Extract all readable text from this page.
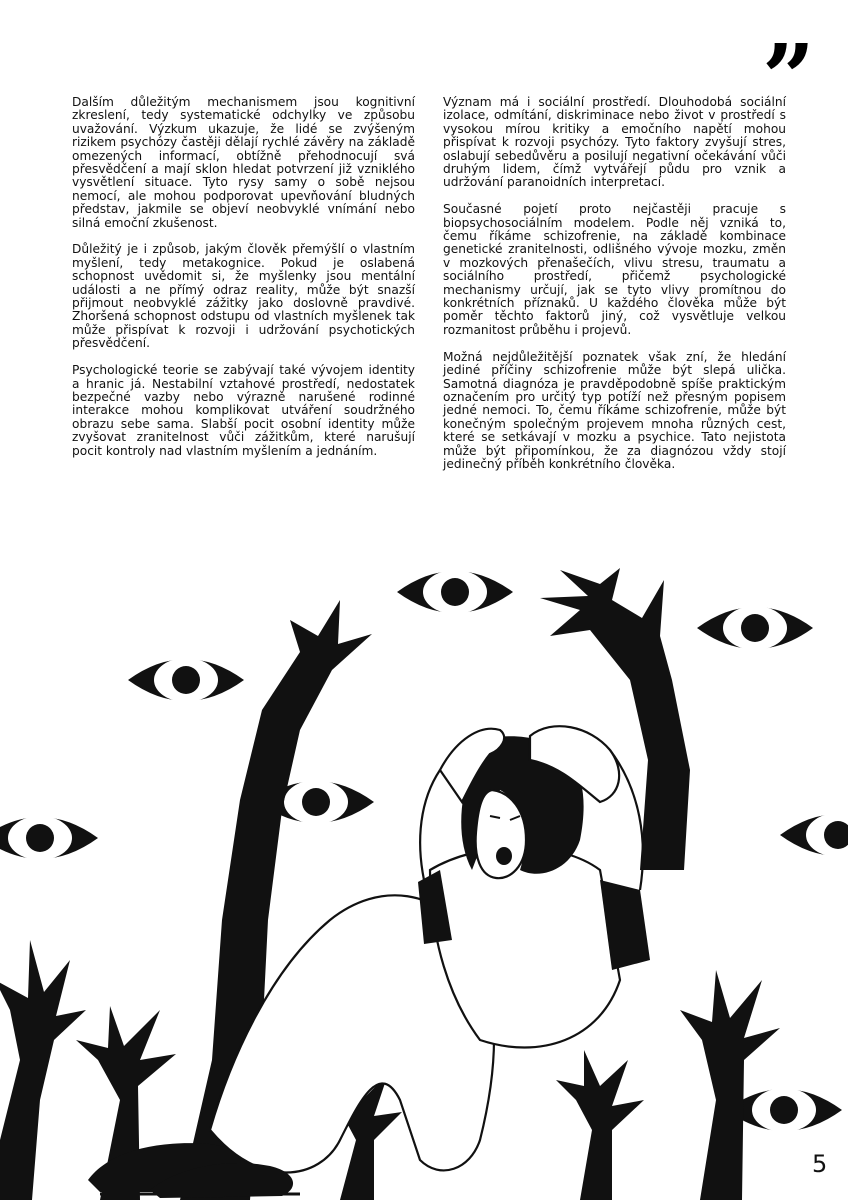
”

Dalším důležitým mechanismem jsou kognitivní zkreslení, tedy systematické odchylky ve způsobu uvažování. Výzkum ukazuje, že lidé se zvýšeným rizikem psychózy častěji dělají rychlé závěry na základě omezených informací, obtížně přehodnocují svá přesvědčení a mají sklon hledat potvrzení již vzniklého vysvětlení situace. Tyto rysy samy o sobě nejsou nemocí, ale mohou podporovat upevňování bludných představ, jakmile se objeví neobvyklé vnímání nebo silná emoční zkušenost.

Důležitý je i způsob, jakým člověk přemýšlí o vlastním myšlení, tedy metakognice. Pokud je oslabená schopnost uvědomit si, že myšlenky jsou mentální události a ne přímý odraz reality, může být snazší přijmout neobvyklé zážitky jako doslovně pravdivé. Zhoršená schopnost odstupu od vlastních myšlenek tak může přispívat k rozvoji i udržování psychotických přesvědčení.

Psychologické teorie se zabývají také vývojem identity a hranic já. Nestabilní vztahové prostředí, nedostatek bezpečné vazby nebo výrazně narušené rodinné interakce mohou komplikovat utváření soudržného obrazu sebe sama. Slabší pocit osobní identity může zvyšovat zranitelnost vůči zážitkům, které narušují pocit kontroly nad vlastním myšlením a jednáním.

Význam má i sociální prostředí. Dlouhodobá sociální izolace, odmítání, diskriminace nebo život v prostředí s vysokou mírou kritiky a emočního napětí mohou přispívat k rozvoji psychózy. Tyto faktory zvyšují stres, oslabují sebedůvěru a posilují negativní očekávání vůči druhým lidem, čímž vytvářejí půdu pro vznik a udržování paranoidních interpretací.

Současné pojetí proto nejčastěji pracuje s biopsychosociálním modelem. Podle něj vzniká to, čemu říkáme schizofrenie, na základě kombinace genetické zranitelnosti, odlišného vývoje mozku, změn v mozkových přenašečích, vlivu stresu, traumatu a sociálního prostředí, přičemž psychologické mechanismy určují, jak se tyto vlivy promítnou do konkrétních příznaků. U každého člověka může být poměr těchto faktorů jiný, což vysvětluje velkou rozmanitost průběhu i projevů.

Možná nejdůležitější poznatek však zní, že hledání jediné příčiny schizofrenie může být slepá ulička. Samotná diagnóza je pravděpodobně spíše praktickým označením pro určitý typ potíží než přesným popisem jedné nemoci. To, čemu říkáme schizofrenie, může být konečným společným projevem mnoha různých cest, které se setkávají v mozku a psychice. Tato nejistota může být připomínkou, že za diagnózou vždy stojí jedinečný příběh konkrétního člověka.

5
